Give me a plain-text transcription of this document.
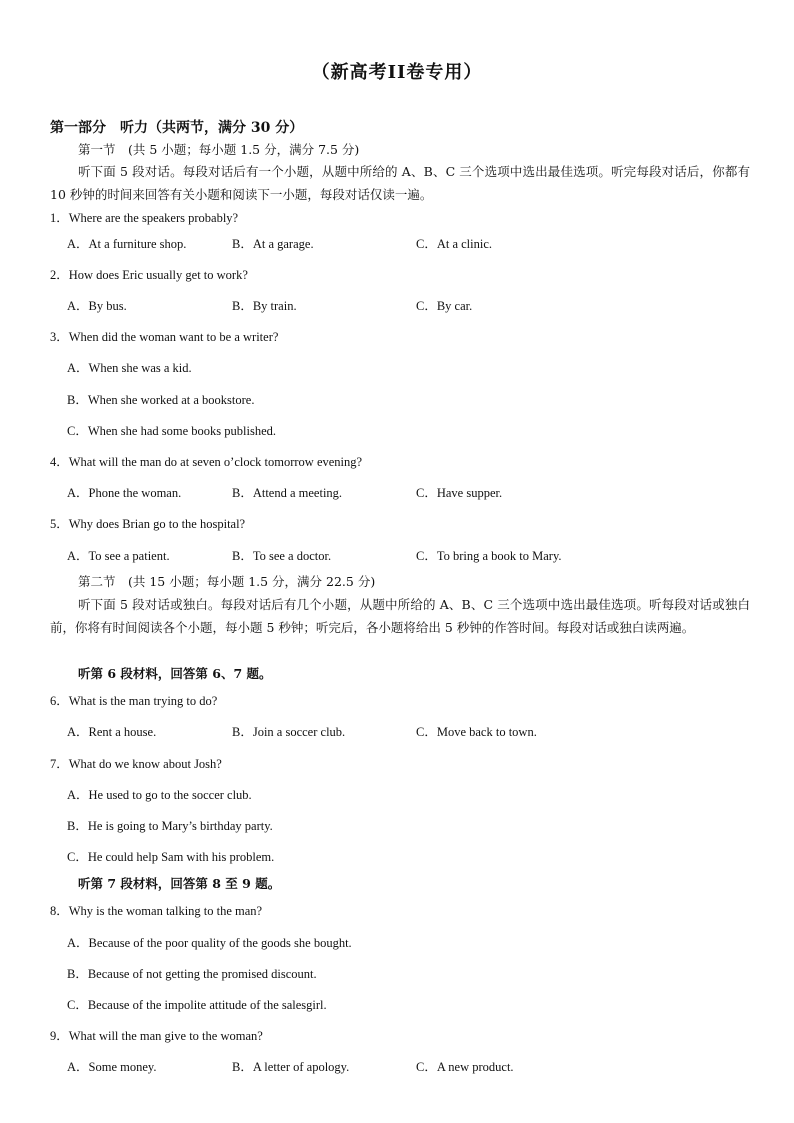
（新高考II卷专用）
第一部分　听力（共两节，满分 30 分）
第一节　(共 5 小题；每小题 1.5 分，满分 7.5 分)
听下面 5 段对话。每段对话后有一个小题，从题中所给的 A、B、C 三个选项中选出最佳选项。听完每段对话后，你都有 10 秒钟的时间来回答有关小题和阅读下一小题，每段对话仅读一遍。
1．Where are the speakers probably?
A．At a furniture shop.	B．At a garage.	C．At a clinic.
2．How does Eric usually get to work?
A．By bus.	B．By train.	C．By car.
3．When did the woman want to be a writer?
A．When she was a kid.
B．When she worked at a bookstore.
C．When she had some books published.
4．What will the man do at seven o’clock tomorrow evening?
A．Phone the woman.	B．Attend a meeting.	C．Have supper.
5．Why does Brian go to the hospital?
A．To see a patient.	B．To see a doctor.	C．To bring a book to Mary.
第二节　(共 15 小题；每小题 1.5 分，满分 22.5 分)
听下面 5 段对话或独白。每段对话后有几个小题，从题中所给的 A、B、C 三个选项中选出最佳选项。听每段对话或独白前，你将有时间阅读各个小题，每小题 5 秒钟；听完后，各小题将给出 5 秒钟的作答时间。每段对话或独白读两遍。
听第 6 段材料，回答第 6、7 题。
6．What is the man trying to do?
A．Rent a house.	B．Join a soccer club.	C．Move back to town.
7．What do we know about Josh?
A．He used to go to the soccer club.
B．He is going to Mary’s birthday party.
C．He could help Sam with his problem.
听第 7 段材料，回答第 8 至 9 题。
8．Why is the woman talking to the man?
A．Because of the poor quality of the goods she bought.
B．Because of not getting the promised discount.
C．Because of the impolite attitude of the salesgirl.
9．What will the man give to the woman?
A．Some money.	B．A letter of apology.	C．A new product.
